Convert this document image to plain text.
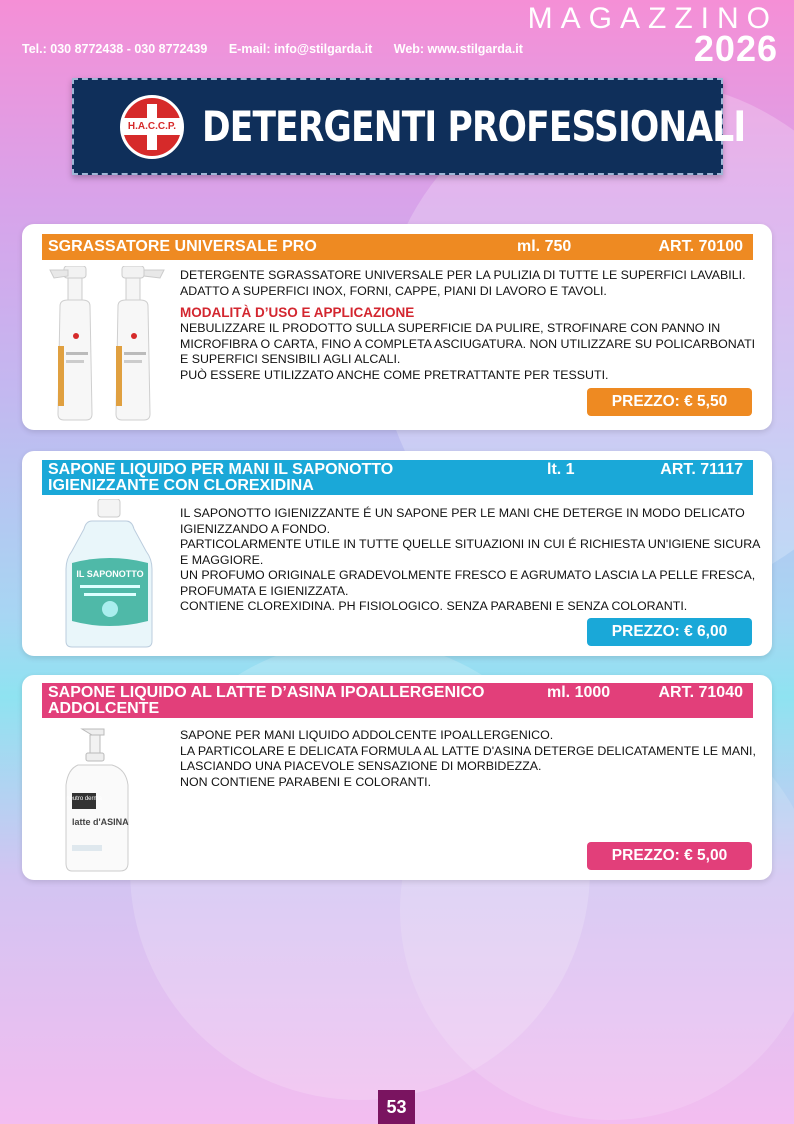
MAGAZZINO
2026
Tel.: 030 8772438 - 030 8772439 E-mail: info@stilgarda.it Web: www.stilgarda.it
H.A.C.C.P. DETERGENTI PROFESSIONALI
SGRASSATORE UNIVERSALE PRO	ml. 750	ART. 70100

DETERGENTE SGRASSATORE UNIVERSALE PER LA PULIZIA DI TUTTE LE SUPERFICI LAVABILI. ADATTO A SUPERFICI INOX, FORNI, CAPPE, PIANI DI LAVORO E TAVOLI.

MODALITÀ D’USO E APPLICAZIONE

NEBULIZZARE IL PRODOTTO SULLA SUPERFICIE DA PULIRE, STROFINARE CON PANNO IN MICROFIBRA O CARTA, FINO A COMPLETA ASCIUGATURA. NON UTILIZZARE SU POLICARBONATI E SUPERFICI SENSIBILI AGLI ALCALI.

PUÒ ESSERE UTILIZZATO ANCHE COME PRETRATTANTE PER TESSUTI.

PREZZO: € 5,50
SAPONE LIQUIDO PER MANI IL SAPONOTTO IGIENIZZANTE CON CLOREXIDINA
lt. 1	ART. 71117
IL SAPONOTTO

IL SAPONOTTO IGIENIZZANTE É UN SAPONE PER LE MANI CHE DETERGE IN MODO DELICATO IGIENIZZANDO A FONDO.

PARTICOLARMENTE UTILE IN TUTTE QUELLE SITUAZIONI IN CUI É RICHIESTA UN'IGIENE SICURA E MAGGIORE.

UN PROFUMO ORIGINALE GRADEVOLMENTE FRESCO E AGRUMATO LASCIA LA PELLE FRESCA, PROFUMATA E IGIENIZZATA.

CONTIENE CLOREXIDINA. PH FISIOLOGICO. SENZA PARABENI E SENZA COLORANTI.

PREZZO: € 6,00
SAPONE LIQUIDO AL LATTE D’ASINA IPOALLERGENICO ADDOLCENTE
ml. 1000	ART. 71040
neutro derma
latte d'ASINA

SAPONE PER MANI LIQUIDO ADDOLCENTE IPOALLERGENICO.

LA PARTICOLARE E DELICATA FORMULA AL LATTE D'ASINA DETERGE DELICATAMENTE LE MANI, LASCIANDO UNA PIACEVOLE SENSAZIONE DI MORBIDEZZA.

NON CONTIENE PARABENI E COLORANTI.

PREZZO: € 5,00
53
